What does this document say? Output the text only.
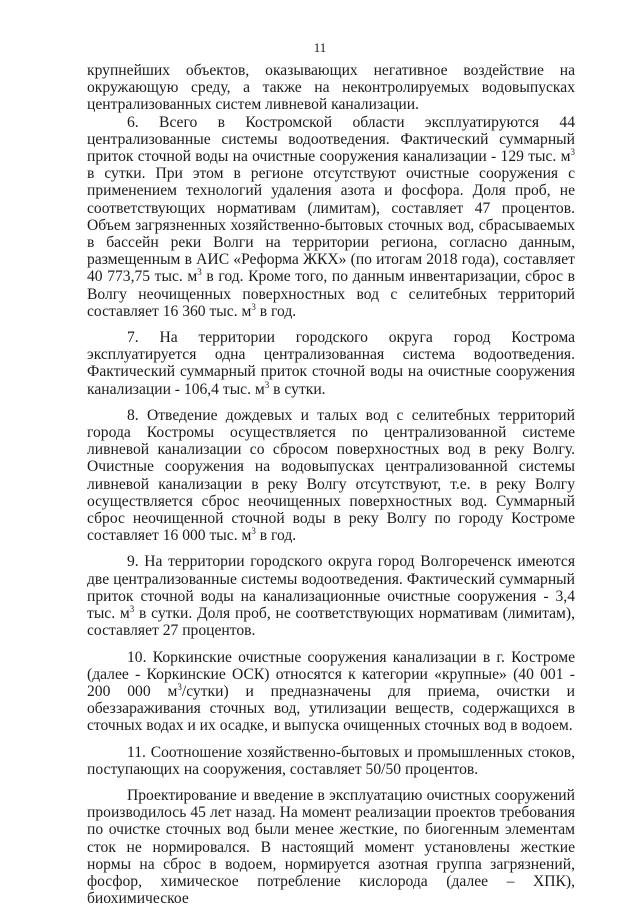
11

крупнейших объектов, оказывающих негативное воздействие на окружающую среду, а также на неконтролируемых водовыпусках централизованных систем ливневой канализации.

6. Всего в Костромской области эксплуатируются 44 централизованные системы водоотведения. Фактический суммарный приток сточной воды на очистные сооружения канализации - 129 тыс. $м^3$ в сутки. При этом в регионе отсутствуют очистные сооружения с применением технологий удаления азота и фосфора. Доля проб, не соответствующих нормативам (лимитам), составляет 47 процентов. Объем загрязненных хозяйственно-бытовых сточных вод, сбрасываемых в бассейн реки Волги на территории региона, согласно данным, размещенным в АИС «Реформа ЖКХ» (по итогам 2018 года), составляет 40 773,75 тыс. $м^3$ в год. Кроме того, по данным инвентаризации, сброс в Волгу неочищенных поверхностных вод с селитебных территорий составляет 16 360 тыс. $м^3$ в год.

7. На территории городского округа город Кострома эксплуатируется одна централизованная система водоотведения. Фактический суммарный приток сточной воды на очистные сооружения канализации - 106,4 тыс. $м^3$ в сутки.

8. Отведение дождевых и талых вод с селитебных территорий города Костромы осуществляется по централизованной системе ливневой канализации со сбросом поверхностных вод в реку Волгу. Очистные сооружения на водовыпусках централизованной системы ливневой канализации в реку Волгу отсутствуют, т.е. в реку Волгу осуществляется сброс неочищенных поверхностных вод. Суммарный сброс неочищенной сточной воды в реку Волгу по городу Костроме составляет 16 000 тыс. $м^3$ в год.

9. На территории городского округа город Волгореченск имеются две централизованные системы водоотведения. Фактический суммарный приток сточной воды на канализационные очистные сооружения - 3,4 тыс. $м^3$ в сутки. Доля проб, не соответствующих нормативам (лимитам), составляет 27 процентов.

10. Коркинские очистные сооружения канализации в г. Костроме (далее - Коркинские ОСК) относятся к категории «крупные» (40 001 - 200 000 $м^3/сутки$) и предназначены для приема, очистки и обеззараживания сточных вод, утилизации веществ, содержащихся в сточных водах и их осадке, и выпуска очищенных сточных вод в водоем.

11. Соотношение хозяйственно-бытовых и промышленных стоков, поступающих на сооружения, составляет 50/50 процентов.

Проектирование и введение в эксплуатацию очистных сооружений производилось 45 лет назад. На момент реализации проектов требования по очистке сточных вод были менее жесткие, по биогенным элементам сток не нормировался. В настоящий момент установлены жесткие нормы на сброс в водоем, нормируется азотная группа загрязнений, фосфор, химическое потребление кислорода (далее – ХПК), биохимическое
